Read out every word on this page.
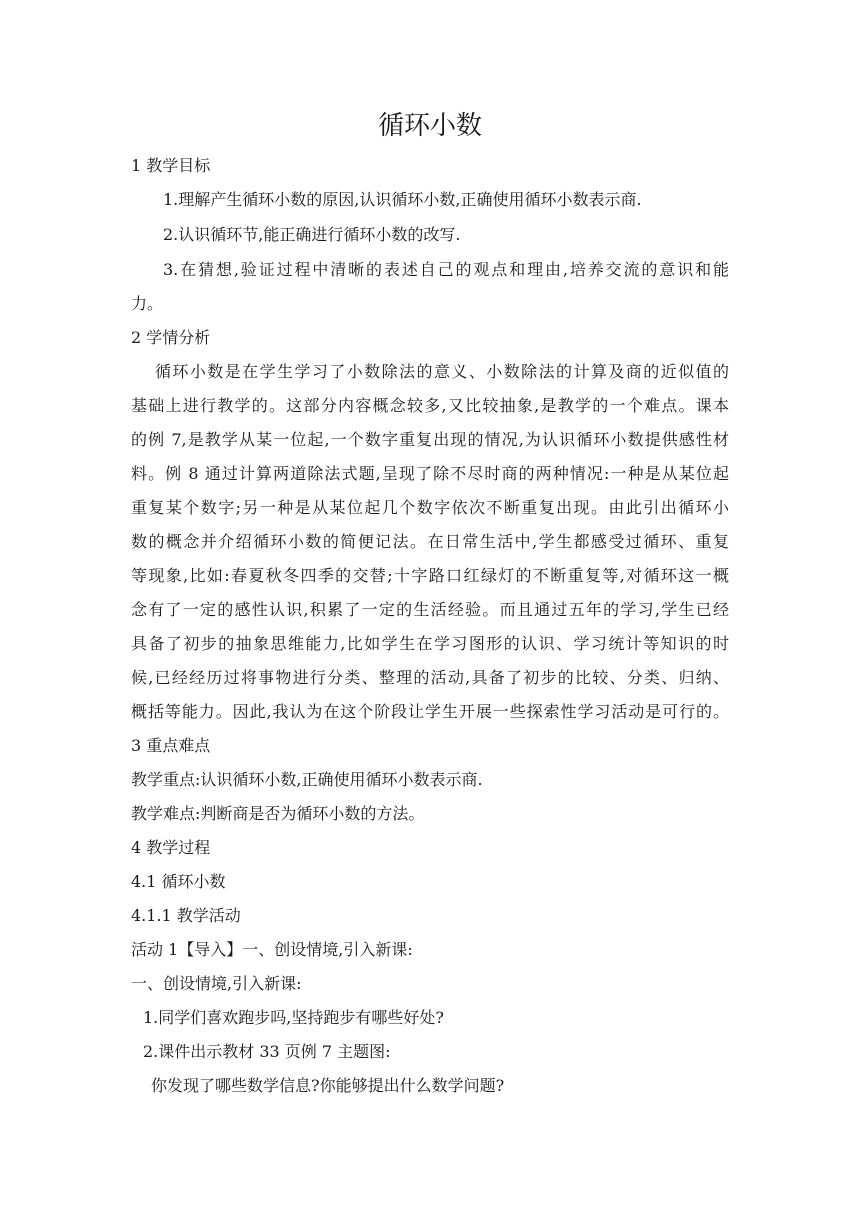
循环小数
1 教学目标
1.理解产生循环小数的原因,认识循环小数,正确使用循环小数表示商.
2.认识循环节,能正确进行循环小数的改写.
3.在猜想,验证过程中清晰的表述自己的观点和理由,培养交流的意识和能
力。
2 学情分析
循环小数是在学生学习了小数除法的意义、小数除法的计算及商的近似值的
基础上进行教学的。这部分内容概念较多,又比较抽象,是教学的一个难点。课本
的例 7,是教学从某一位起,一个数字重复出现的情况,为认识循环小数提供感性材
料。例 8 通过计算两道除法式题,呈现了除不尽时商的两种情况:一种是从某位起
重复某个数字;另一种是从某位起几个数字依次不断重复出现。由此引出循环小
数的概念并介绍循环小数的简便记法。在日常生活中,学生都感受过循环、重复
等现象,比如:春夏秋冬四季的交替;十字路口红绿灯的不断重复等,对循环这一概
念有了一定的感性认识,积累了一定的生活经验。而且通过五年的学习,学生已经
具备了初步的抽象思维能力,比如学生在学习图形的认识、学习统计等知识的时
候,已经经历过将事物进行分类、整理的活动,具备了初步的比较、分类、归纳、
概括等能力。因此,我认为在这个阶段让学生开展一些探索性学习活动是可行的。
3 重点难点
教学重点:认识循环小数,正确使用循环小数表示商.
教学难点:判断商是否为循环小数的方法。
4 教学过程
4.1 循环小数
4.1.1 教学活动
活动 1【导入】一、创设情境,引入新课:
一、创设情境,引入新课:
1.同学们喜欢跑步吗,坚持跑步有哪些好处?
2.课件出示教材 33 页例 7 主题图:
你发现了哪些数学信息?你能够提出什么数学问题?
